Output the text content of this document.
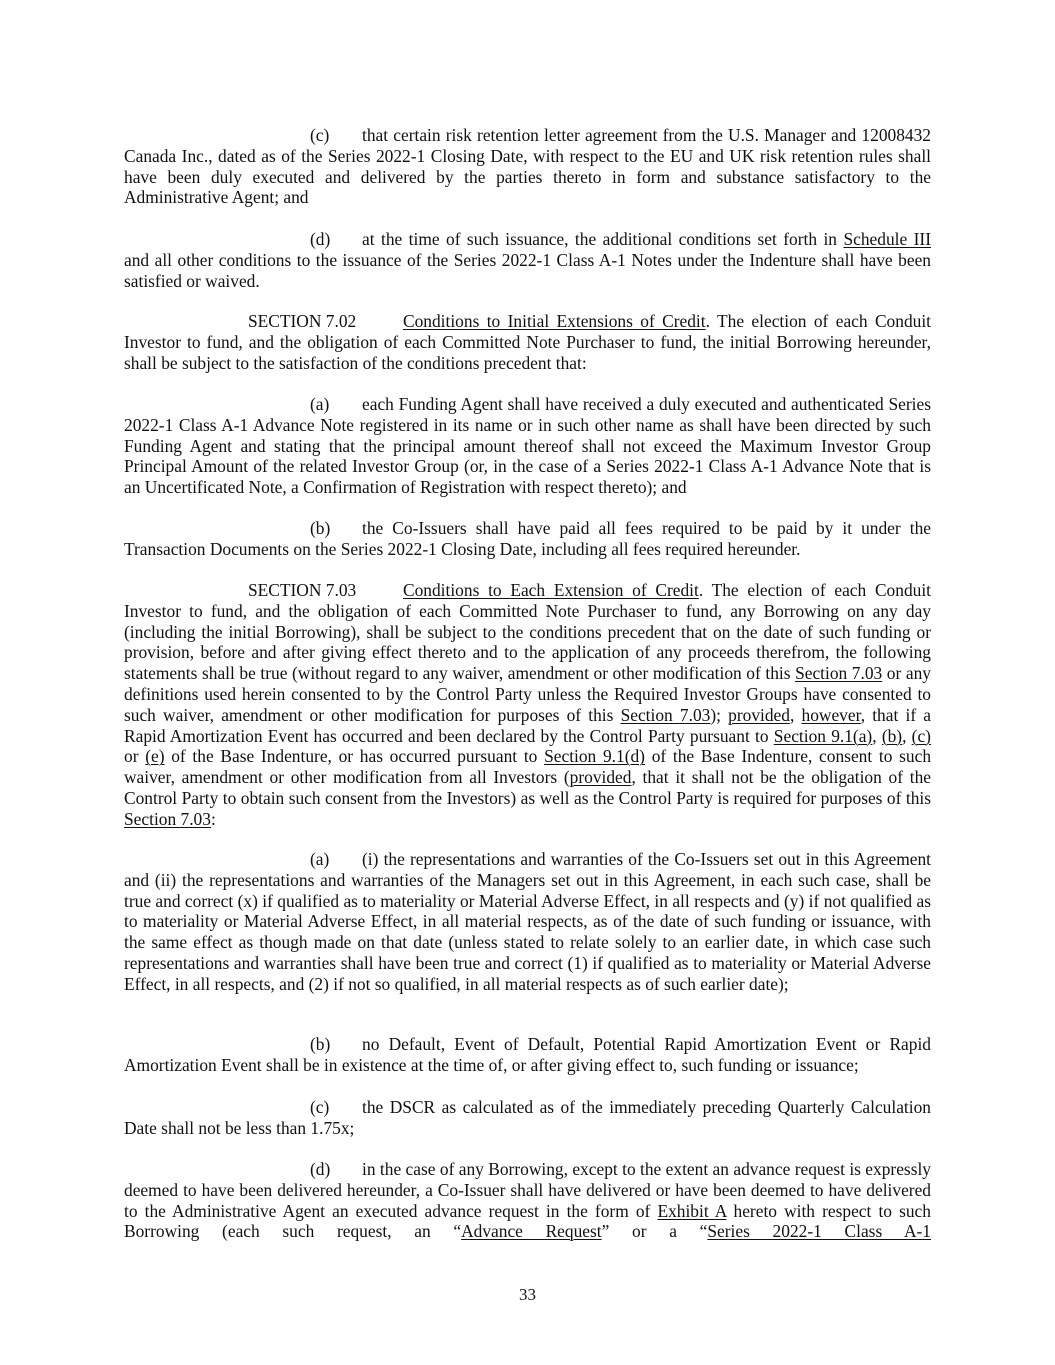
(c) that certain risk retention letter agreement from the U.S. Manager and 12008432 Canada Inc., dated as of the Series 2022-1 Closing Date, with respect to the EU and UK risk retention rules shall have been duly executed and delivered by the parties thereto in form and substance satisfactory to the Administrative Agent; and

(d) at the time of such issuance, the additional conditions set forth in Schedule III and all other conditions to the issuance of the Series 2022-1 Class A-1 Notes under the Indenture shall have been satisfied or waived.

SECTION 7.02	Conditions to Initial Extensions of Credit. The election of each Conduit Investor to fund, and the obligation of each Committed Note Purchaser to fund, the initial Borrowing hereunder, shall be subject to the satisfaction of the conditions precedent that:

(a) each Funding Agent shall have received a duly executed and authenticated Series 2022-1 Class A-1 Advance Note registered in its name or in such other name as shall have been directed by such Funding Agent and stating that the principal amount thereof shall not exceed the Maximum Investor Group Principal Amount of the related Investor Group (or, in the case of a Series 2022-1 Class A-1 Advance Note that is an Uncertificated Note, a Confirmation of Registration with respect thereto); and

(b) the Co-Issuers shall have paid all fees required to be paid by it under the Transaction Documents on the Series 2022-1 Closing Date, including all fees required hereunder.

SECTION 7.03	Conditions to Each Extension of Credit. The election of each Conduit Investor to fund, and the obligation of each Committed Note Purchaser to fund, any Borrowing on any day (including the initial Borrowing), shall be subject to the conditions precedent that on the date of such funding or provision, before and after giving effect thereto and to the application of any proceeds therefrom, the following statements shall be true (without regard to any waiver, amendment or other modification of this Section 7.03 or any definitions used herein consented to by the Control Party unless the Required Investor Groups have consented to such waiver, amendment or other modification for purposes of this Section 7.03); provided, however, that if a Rapid Amortization Event has occurred and been declared by the Control Party pursuant to Section 9.1(a), (b), (c) or (e) of the Base Indenture, or has occurred pursuant to Section 9.1(d) of the Base Indenture, consent to such waiver, amendment or other modification from all Investors (provided, that it shall not be the obligation of the Control Party to obtain such consent from the Investors) as well as the Control Party is required for purposes of this Section 7.03:

(a) (i) the representations and warranties of the Co-Issuers set out in this Agreement and (ii) the representations and warranties of the Managers set out in this Agreement, in each such case, shall be true and correct (x) if qualified as to materiality or Material Adverse Effect, in all respects and (y) if not qualified as to materiality or Material Adverse Effect, in all material respects, as of the date of such funding or issuance, with the same effect as though made on that date (unless stated to relate solely to an earlier date, in which case such representations and warranties shall have been true and correct (1) if qualified as to materiality or Material Adverse Effect, in all respects, and (2) if not so qualified, in all material respects as of such earlier date);

(b) no Default, Event of Default, Potential Rapid Amortization Event or Rapid Amortization Event shall be in existence at the time of, or after giving effect to, such funding or issuance;

(c) the DSCR as calculated as of the immediately preceding Quarterly Calculation Date shall not be less than 1.75x;

(d) in the case of any Borrowing, except to the extent an advance request is expressly deemed to have been delivered hereunder, a Co-Issuer shall have delivered or have been deemed to have delivered to the Administrative Agent an executed advance request in the form of Exhibit A hereto with respect to such Borrowing (each such request, an “Advance Request” or a “Series 2022-1 Class A-1

33
